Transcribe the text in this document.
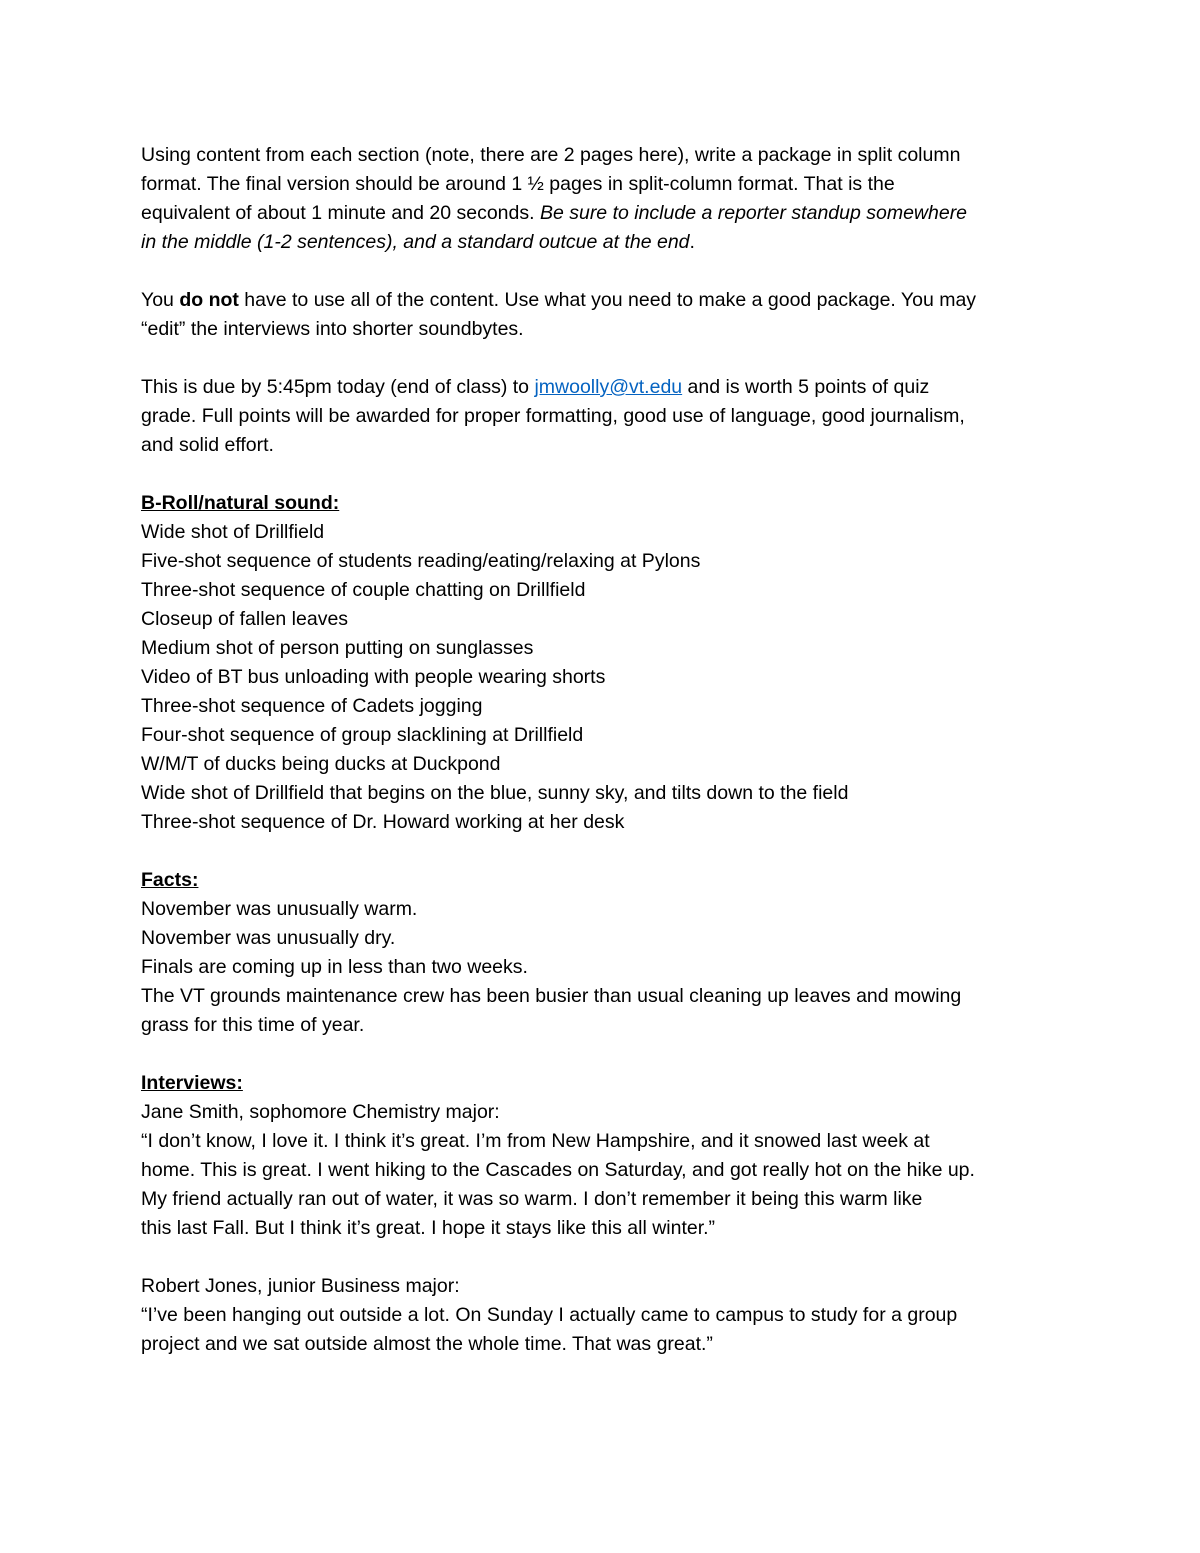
Using content from each section (note, there are 2 pages here), write a package in split column
format. The final version should be around 1 ½ pages in split-column format. That is the
equivalent of about 1 minute and 20 seconds. Be sure to include a reporter standup somewhere
in the middle (1-2 sentences), and a standard outcue at the end.

You do not have to use all of the content. Use what you need to make a good package. You may
“edit” the interviews into shorter soundbytes.

This is due by 5:45pm today (end of class) to jmwoolly@vt.edu and is worth 5 points of quiz
grade. Full points will be awarded for proper formatting, good use of language, good journalism,
and solid effort.

B-Roll/natural sound:
Wide shot of Drillfield
Five-shot sequence of students reading/eating/relaxing at Pylons
Three-shot sequence of couple chatting on Drillfield
Closeup of fallen leaves
Medium shot of person putting on sunglasses
Video of BT bus unloading with people wearing shorts
Three-shot sequence of Cadets jogging
Four-shot sequence of group slacklining at Drillfield
W/M/T of ducks being ducks at Duckpond
Wide shot of Drillfield that begins on the blue, sunny sky, and tilts down to the field
Three-shot sequence of Dr. Howard working at her desk
Facts:
November was unusually warm.
November was unusually dry.
Finals are coming up in less than two weeks.
The VT grounds maintenance crew has been busier than usual cleaning up leaves and mowing
grass for this time of year.
Interviews:
Jane Smith, sophomore Chemistry major:
“I don’t know, I love it. I think it’s great. I’m from New Hampshire, and it snowed last week at
home. This is great. I went hiking to the Cascades on Saturday, and got really hot on the hike up.
My friend actually ran out of water, it was so warm. I don’t remember it being this warm like
this last Fall. But I think it’s great. I hope it stays like this all winter.”
Robert Jones, junior Business major:
“I’ve been hanging out outside a lot. On Sunday I actually came to campus to study for a group
project and we sat outside almost the whole time. That was great.”
